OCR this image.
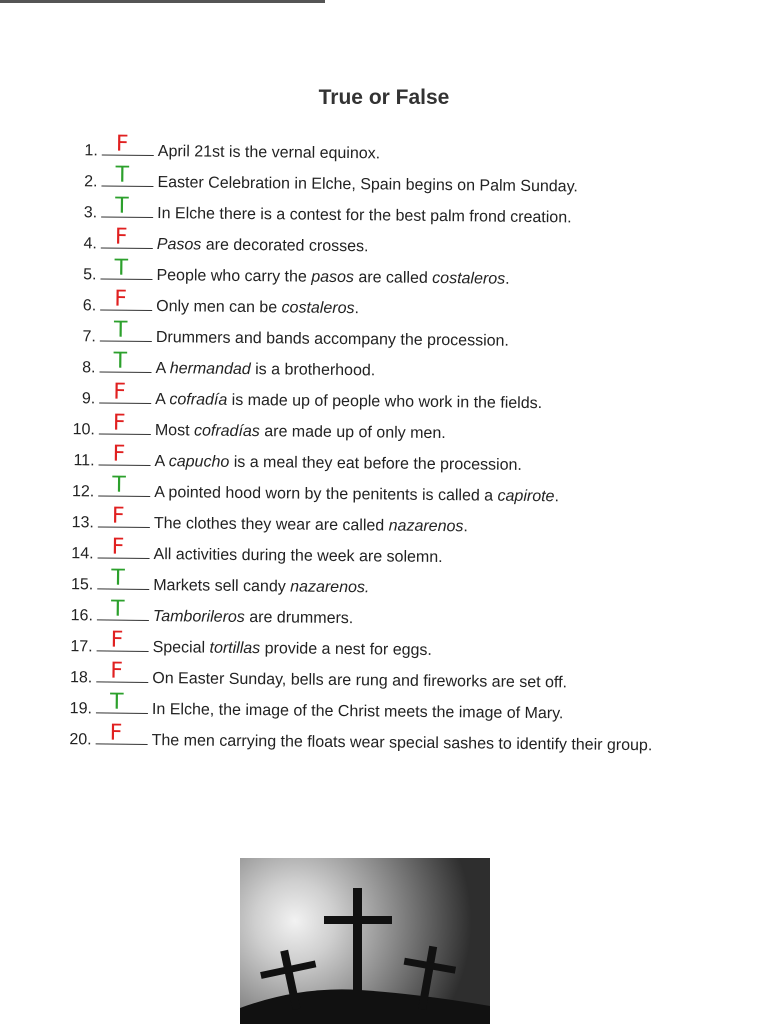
True or False
1. F April 21st is the vernal equinox.
2. T Easter Celebration in Elche, Spain begins on Palm Sunday.
3. T In Elche there is a contest for the best palm frond creation.
4. F Pasos are decorated crosses.
5. T People who carry the pasos are called costaleros.
6. F Only men can be costaleros.
7. T Drummers and bands accompany the procession.
8. T A hermandad is a brotherhood.
9. F A cofradía is made up of people who work in the fields.
10. F Most cofradías are made up of only men.
11. F A capucho is a meal they eat before the procession.
12. T A pointed hood worn by the penitents is called a capirote.
13. F The clothes they wear are called nazarenos.
14. F All activities during the week are solemn.
15. T Markets sell candy nazarenos.
16. T Tamborileros are drummers.
17. F Special tortillas provide a nest for eggs.
18. F On Easter Sunday, bells are rung and fireworks are set off.
19. T In Elche, the image of the Christ meets the image of Mary.
20. F The men carrying the floats wear special sashes to identify their group.
